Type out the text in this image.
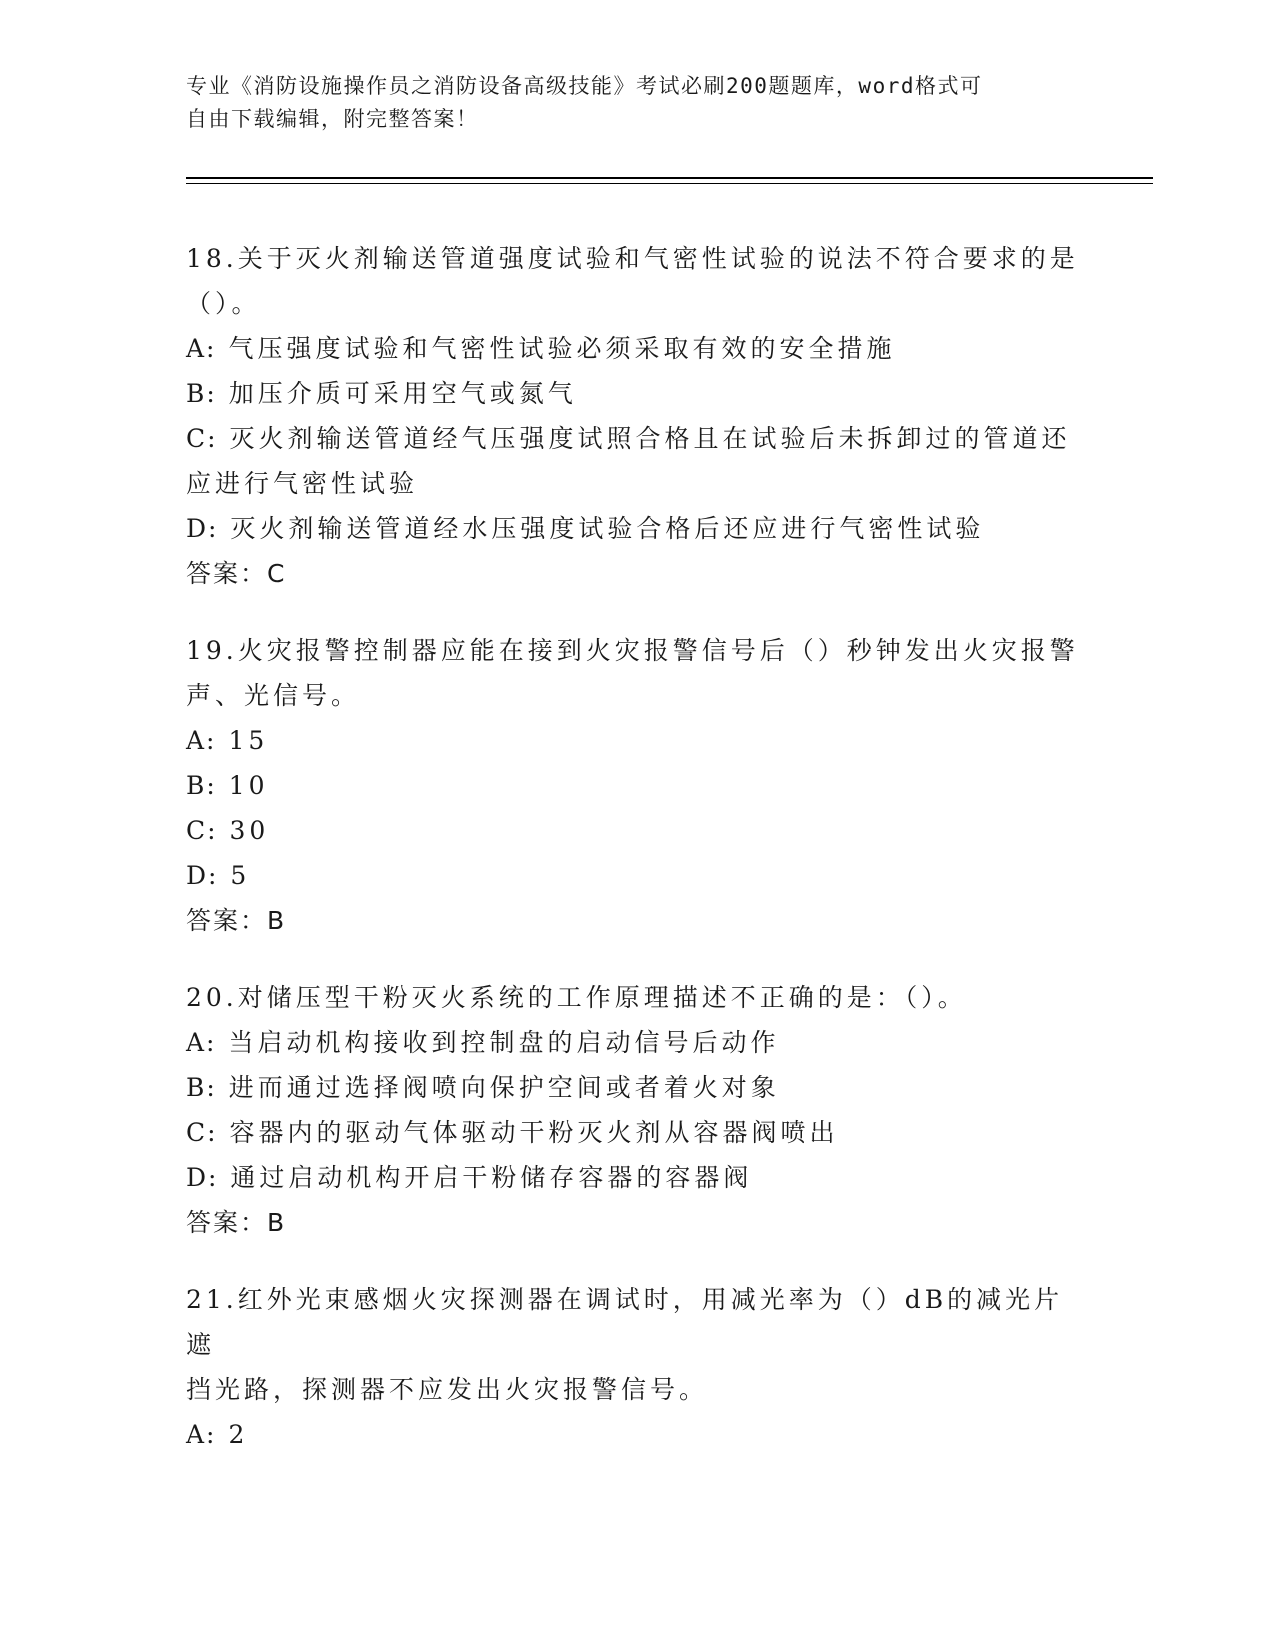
专业《消防设施操作员之消防设备高级技能》考试必刷200题题库，word格式可
自由下载编辑，附完整答案！

18.关于灭火剂输送管道强度试验和气密性试验的说法不符合要求的是

（）。

A: 气压强度试验和气密性试验必须采取有效的安全措施

B: 加压介质可采用空气或氮气

C: 灭火剂输送管道经气压强度试照合格且在试验后未拆卸过的管道还

应进行气密性试验

D: 灭火剂输送管道经水压强度试验合格后还应进行气密性试验

答案：C

19.火灾报警控制器应能在接到火灾报警信号后（）秒钟发出火灾报警

声、光信号。

A: 15

B: 10

C: 30

D: 5

答案：B

20.对储压型干粉灭火系统的工作原理描述不正确的是：（）。

A: 当启动机构接收到控制盘的启动信号后动作

B: 进而通过选择阀喷向保护空间或者着火对象

C: 容器内的驱动气体驱动干粉灭火剂从容器阀喷出

D: 通过启动机构开启干粉储存容器的容器阀

答案：B

21.红外光束感烟火灾探测器在调试时，用减光率为（）dB的减光片遮

挡光路，探测器不应发出火灾报警信号。

A: 2
